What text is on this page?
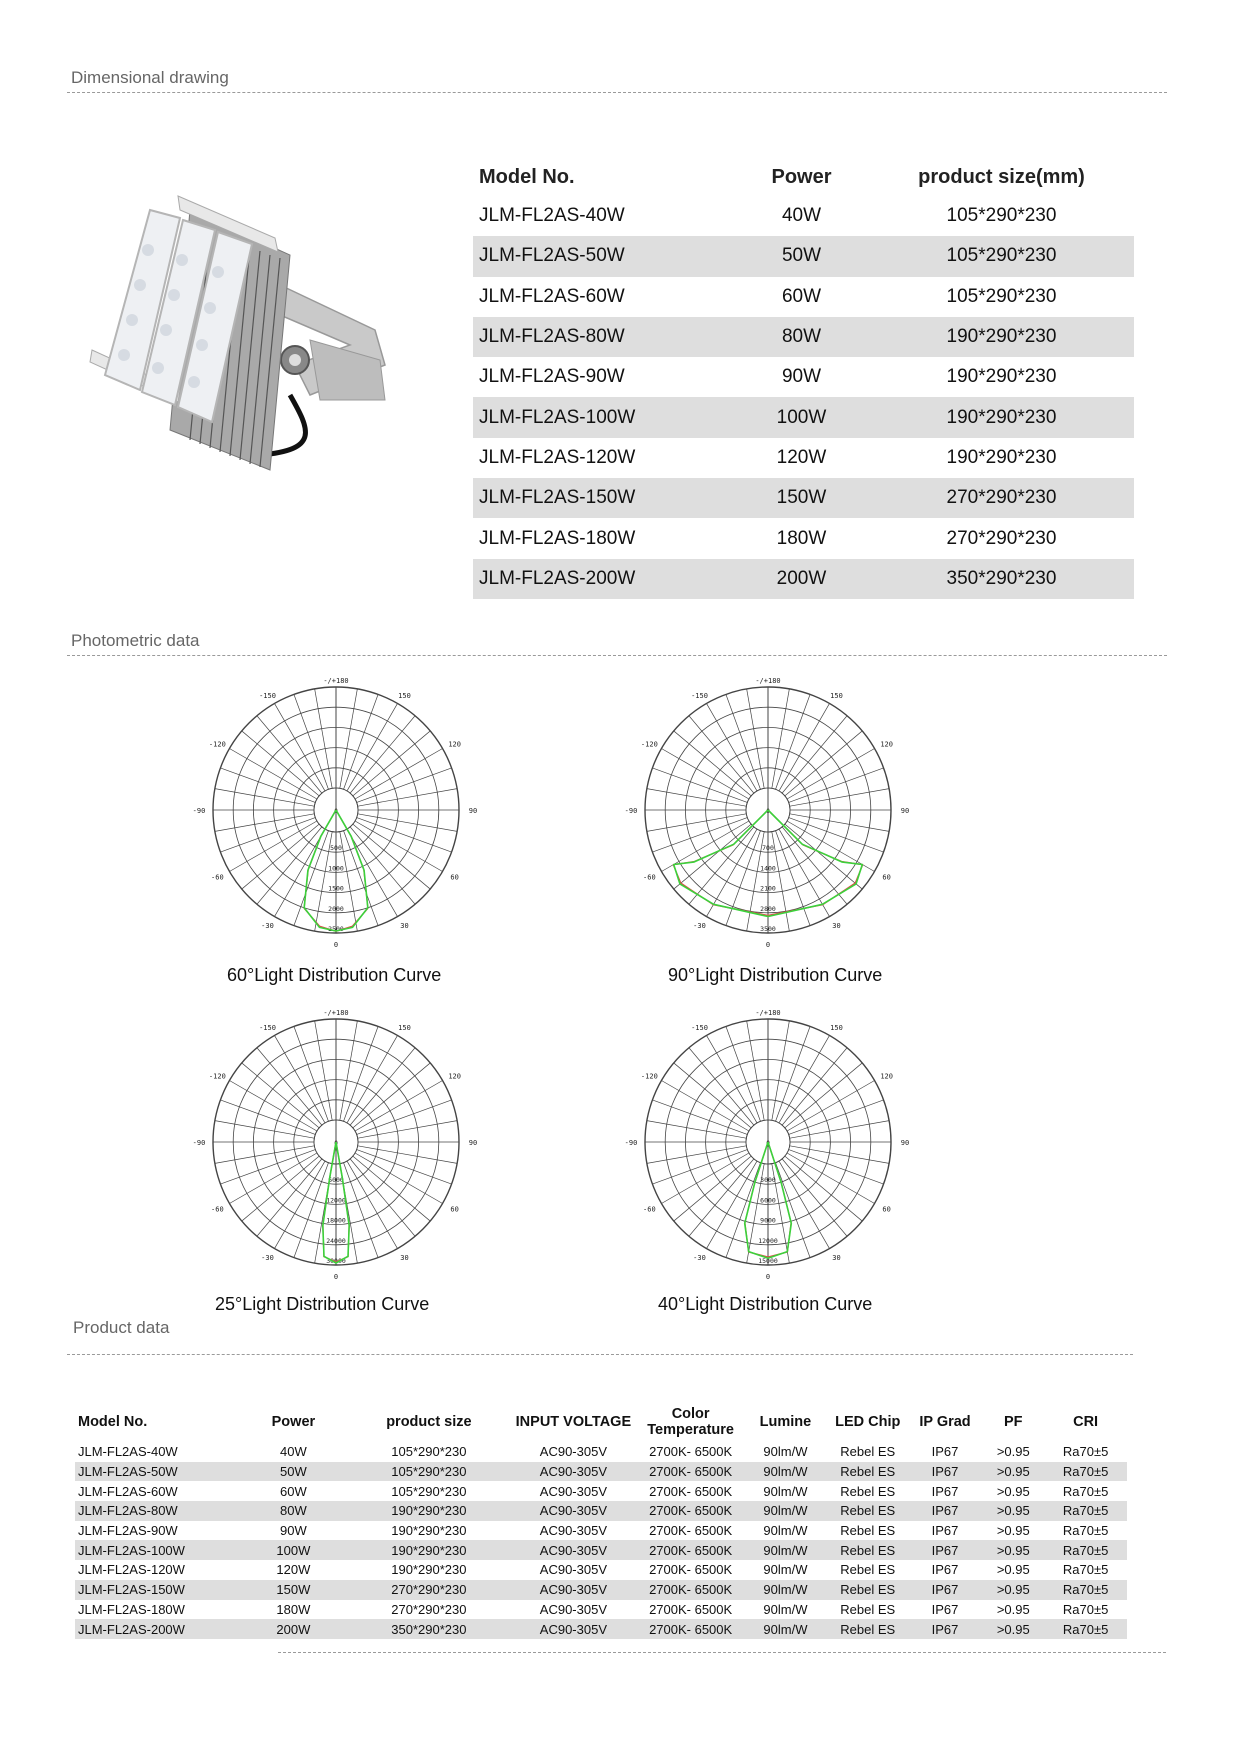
Dimensional drawing
Model No.	Power	product size(mm)
JLM-FL2AS-40W	40W	105*290*230
JLM-FL2AS-50W	50W	105*290*230
JLM-FL2AS-60W	60W	105*290*230
JLM-FL2AS-80W	80W	190*290*230
JLM-FL2AS-90W	90W	190*290*230
JLM-FL2AS-100W	100W	190*290*230
JLM-FL2AS-120W	120W	190*290*230
JLM-FL2AS-150W	150W	270*290*230
JLM-FL2AS-180W	180W	270*290*230
JLM-FL2AS-200W	200W	350*290*230
Photometric data
-150	150
-120	120
-90	90
-60	60
-30	30
0
-/+180
0
500
1000
1500
2000
2500
-150	150
-120	120
-90	90
-60	60
-30	30
0
-/+180
0
700
1400
2100
2800
3500
-150	150
-120	120
-90	90
-60	60
-30	30
0
-/+180
0
6000
12000
18000
24000
30000
-150	150
-120	120
-90	90
-60	60
-30	30
0
-/+180
0
3000
6000
9000
12000
15000
60°Light Distribution Curve	90°Light Distribution Curve
25°Light Distribution Curve	40°Light Distribution Curve
Product data
Model No.	Power	product size	INPUT VOLTAGE	Color Temperature	Lumine	LED Chip	IP Grad	PF	CRI
JLM-FL2AS-40W	40W	105*290*230	AC90-305V	2700K- 6500K	90lm/W	Rebel ES	IP67	>0.95	Ra70±5
JLM-FL2AS-50W	50W	105*290*230	AC90-305V	2700K- 6500K	90lm/W	Rebel ES	IP67	>0.95	Ra70±5
JLM-FL2AS-60W	60W	105*290*230	AC90-305V	2700K- 6500K	90lm/W	Rebel ES	IP67	>0.95	Ra70±5
JLM-FL2AS-80W	80W	190*290*230	AC90-305V	2700K- 6500K	90lm/W	Rebel ES	IP67	>0.95	Ra70±5
JLM-FL2AS-90W	90W	190*290*230	AC90-305V	2700K- 6500K	90lm/W	Rebel ES	IP67	>0.95	Ra70±5
JLM-FL2AS-100W	100W	190*290*230	AC90-305V	2700K- 6500K	90lm/W	Rebel ES	IP67	>0.95	Ra70±5
JLM-FL2AS-120W	120W	190*290*230	AC90-305V	2700K- 6500K	90lm/W	Rebel ES	IP67	>0.95	Ra70±5
JLM-FL2AS-150W	150W	270*290*230	AC90-305V	2700K- 6500K	90lm/W	Rebel ES	IP67	>0.95	Ra70±5
JLM-FL2AS-180W	180W	270*290*230	AC90-305V	2700K- 6500K	90lm/W	Rebel ES	IP67	>0.95	Ra70±5
JLM-FL2AS-200W	200W	350*290*230	AC90-305V	2700K- 6500K	90lm/W	Rebel ES	IP67	>0.95	Ra70±5
